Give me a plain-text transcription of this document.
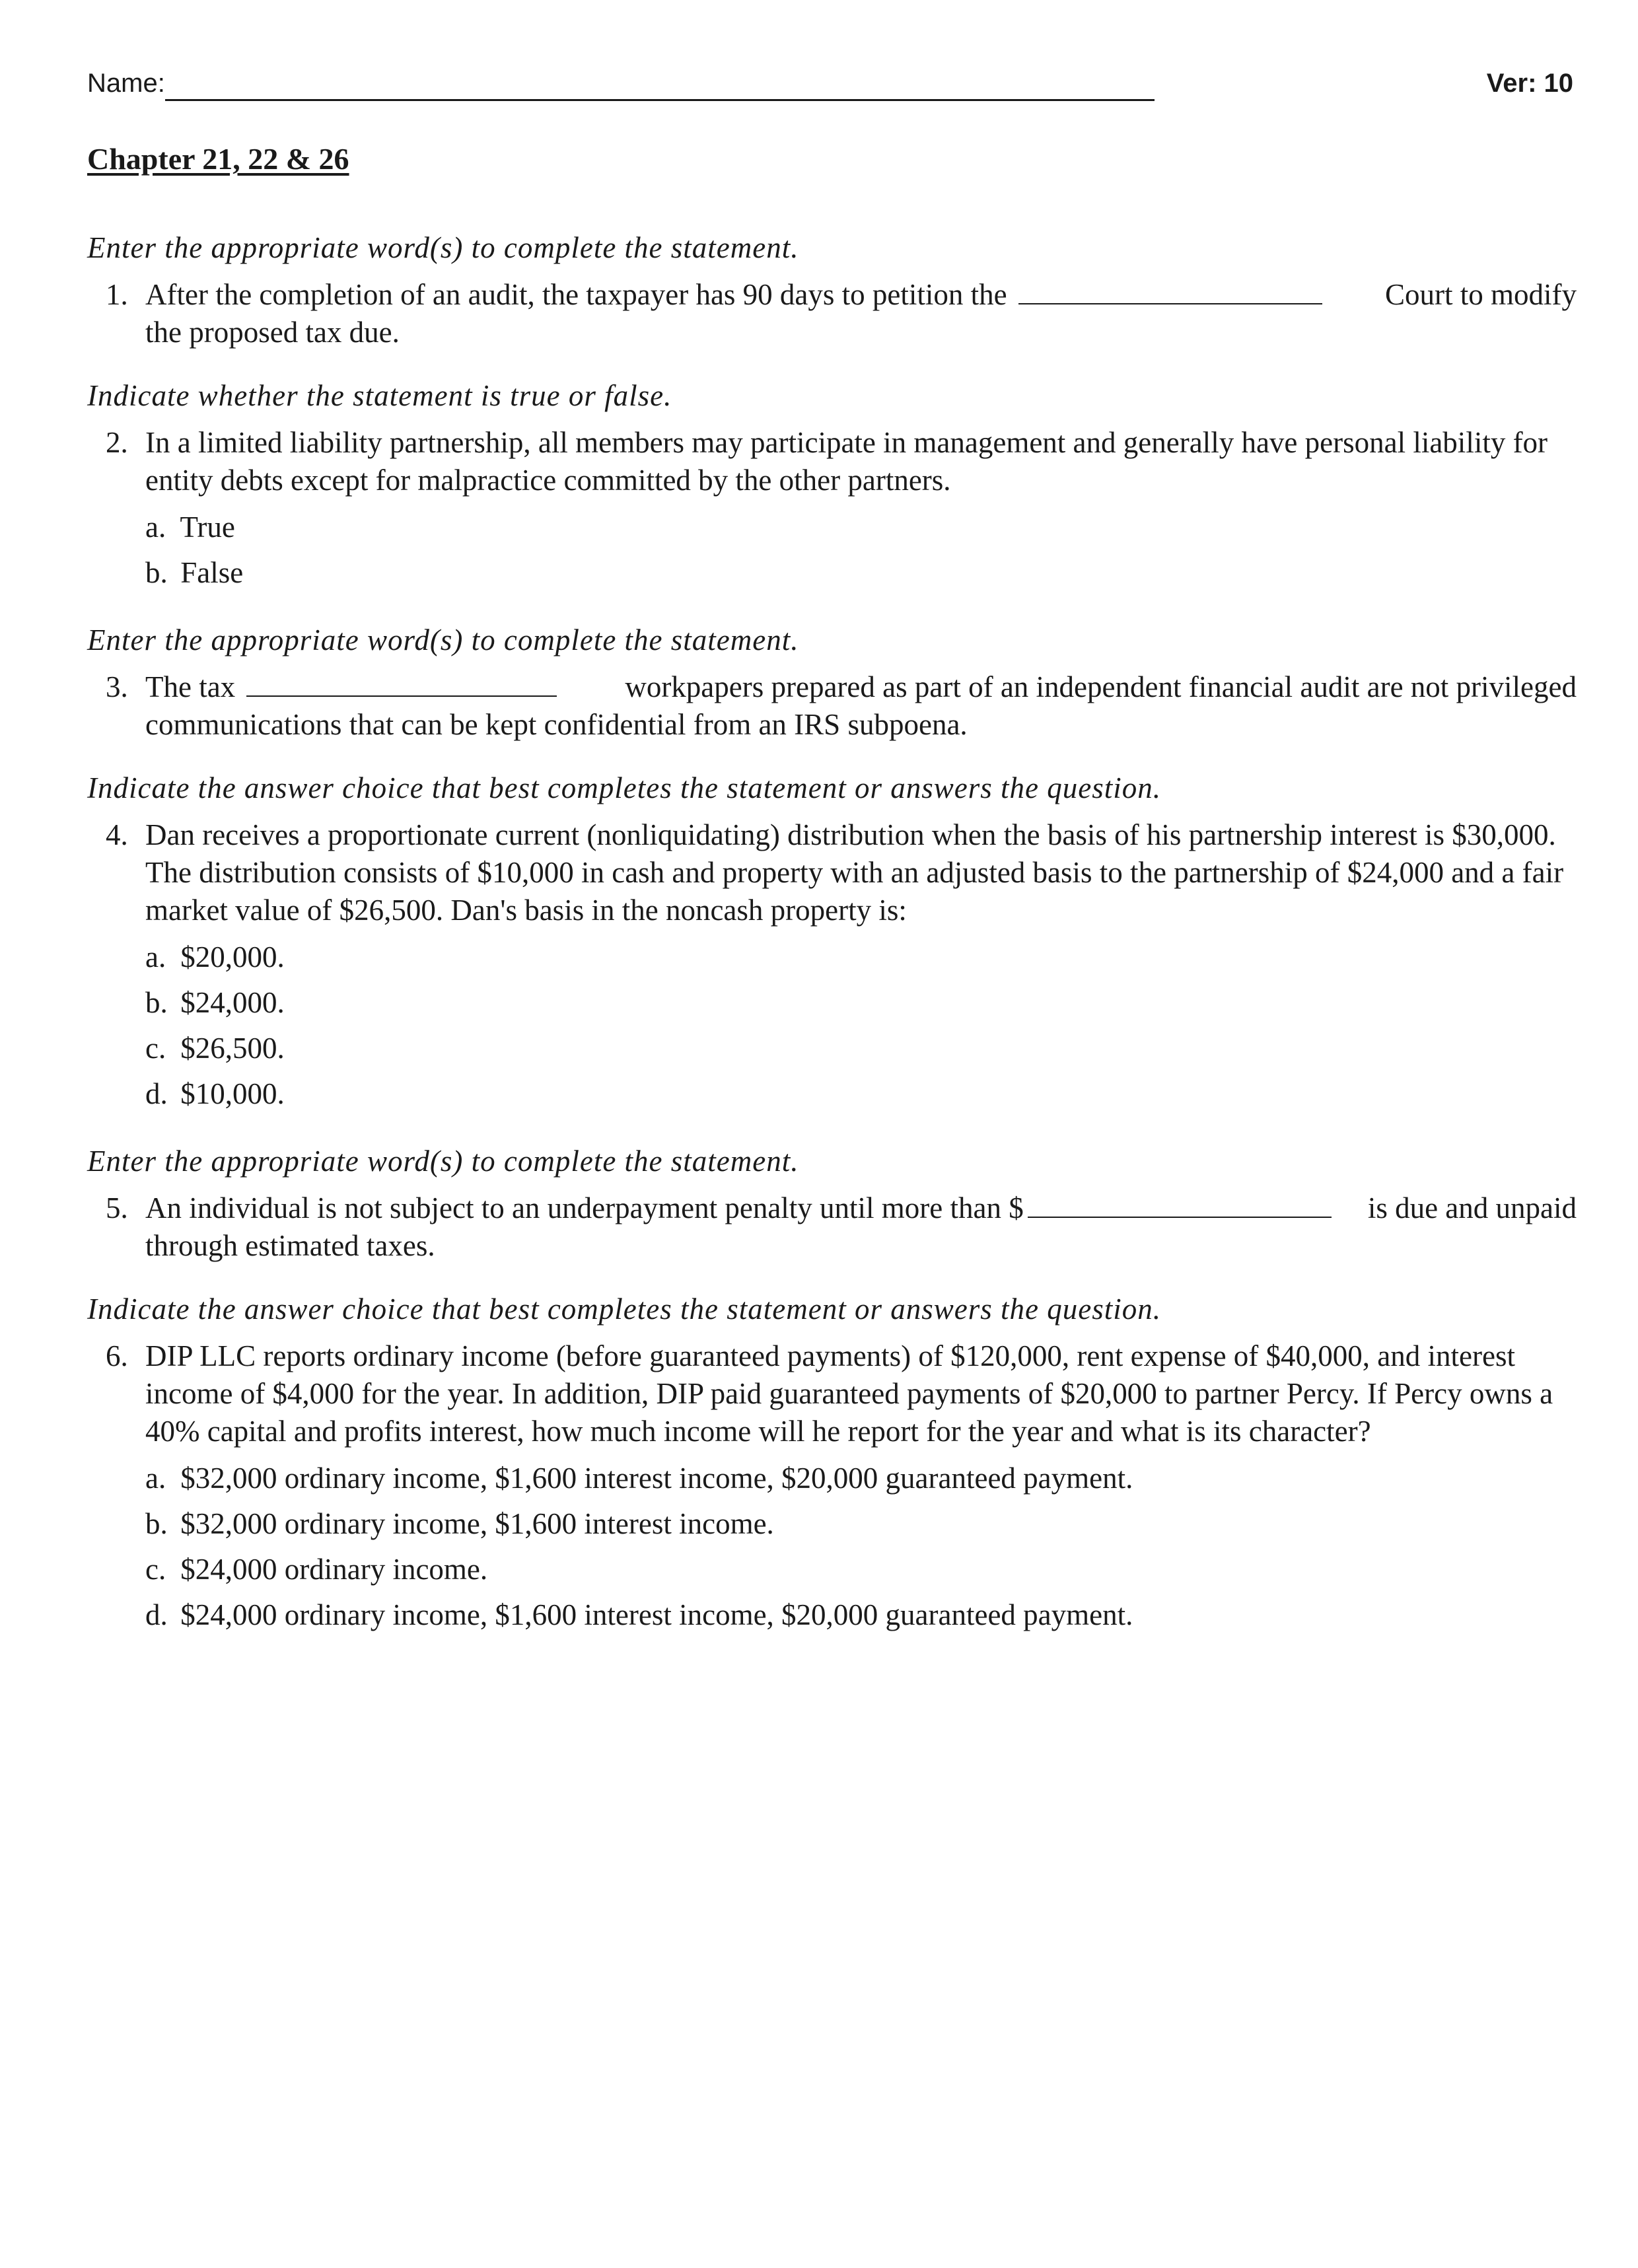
Name:	Ver: 10
Chapter 21, 22 & 26

Enter the appropriate word(s) to complete the statement.

1. After the completion of an audit, the taxpayer has 90 days to petition the	Court to modify
the proposed tax due.

Indicate whether the statement is true or false.

2. In a limited liability partnership, all members may participate in management and generally have personal liability for entity debts except for malpractice committed by the other partners.
a. True
b. False

Enter the appropriate word(s) to complete the statement.

3. The tax	workpapers prepared as part of an independent financial audit are not privileged
communications that can be kept confidential from an IRS subpoena.

Indicate the answer choice that best completes the statement or answers the question.

4. Dan receives a proportionate current (nonliquidating) distribution when the basis of his partnership interest is $30,000. The distribution consists of $10,000 in cash and property with an adjusted basis to the partnership of $24,000 and a fair market value of $26,500. Dan's basis in the noncash property is:
a. $20,000.
b. $24,000.
c. $26,500.
d. $10,000.

Enter the appropriate word(s) to complete the statement.

5. An individual is not subject to an underpayment penalty until more than $	is due and unpaid
through estimated taxes.

Indicate the answer choice that best completes the statement or answers the question.

6. DIP LLC reports ordinary income (before guaranteed payments) of $120,000, rent expense of $40,000, and interest income of $4,000 for the year. In addition, DIP paid guaranteed payments of $20,000 to partner Percy. If Percy owns a 40% capital and profits interest, how much income will he report for the year and what is its character?
a. $32,000 ordinary income, $1,600 interest income, $20,000 guaranteed payment.
b. $32,000 ordinary income, $1,600 interest income.
c. $24,000 ordinary income.
d. $24,000 ordinary income, $1,600 interest income, $20,000 guaranteed payment.
